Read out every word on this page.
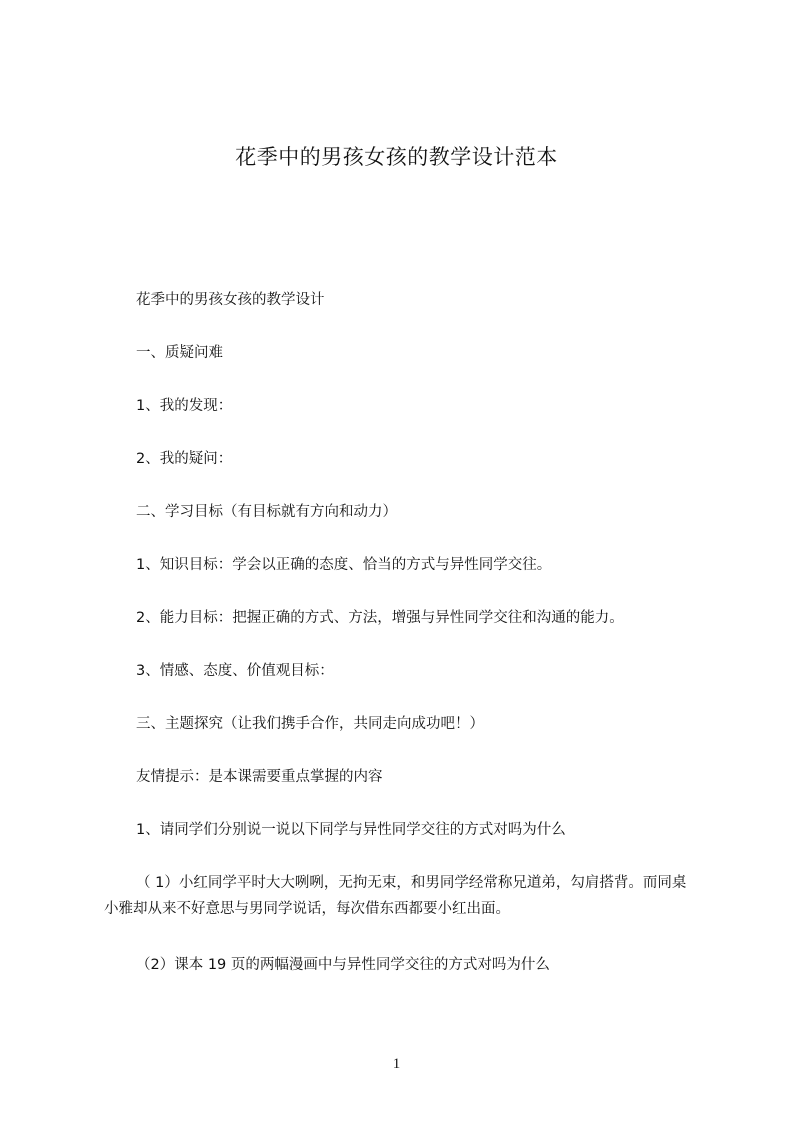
花季中的男孩女孩的教学设计范本

花季中的男孩女孩的教学设计

一、质疑问难

1、我的发现：

2、我的疑问：

二、学习目标（有目标就有方向和动力）

1、知识目标：学会以正确的态度、恰当的方式与异性同学交往。

2、能力目标：把握正确的方式、方法，增强与异性同学交往和沟通的能力。

3、情感、态度、价值观目标：

三、主题探究（让我们携手合作，共同走向成功吧！）

友情提示：是本课需要重点掌握的内容

1、请同学们分别说一说以下同学与异性同学交往的方式对吗为什么

（ 1）小红同学平时大大咧咧，无拘无束，和男同学经常称兄道弟，勾肩搭背。而同桌小雅却从来不好意思与男同学说话，每次借东西都要小红出面。

（2）课本 19 页的两幅漫画中与异性同学交往的方式对吗为什么

1
